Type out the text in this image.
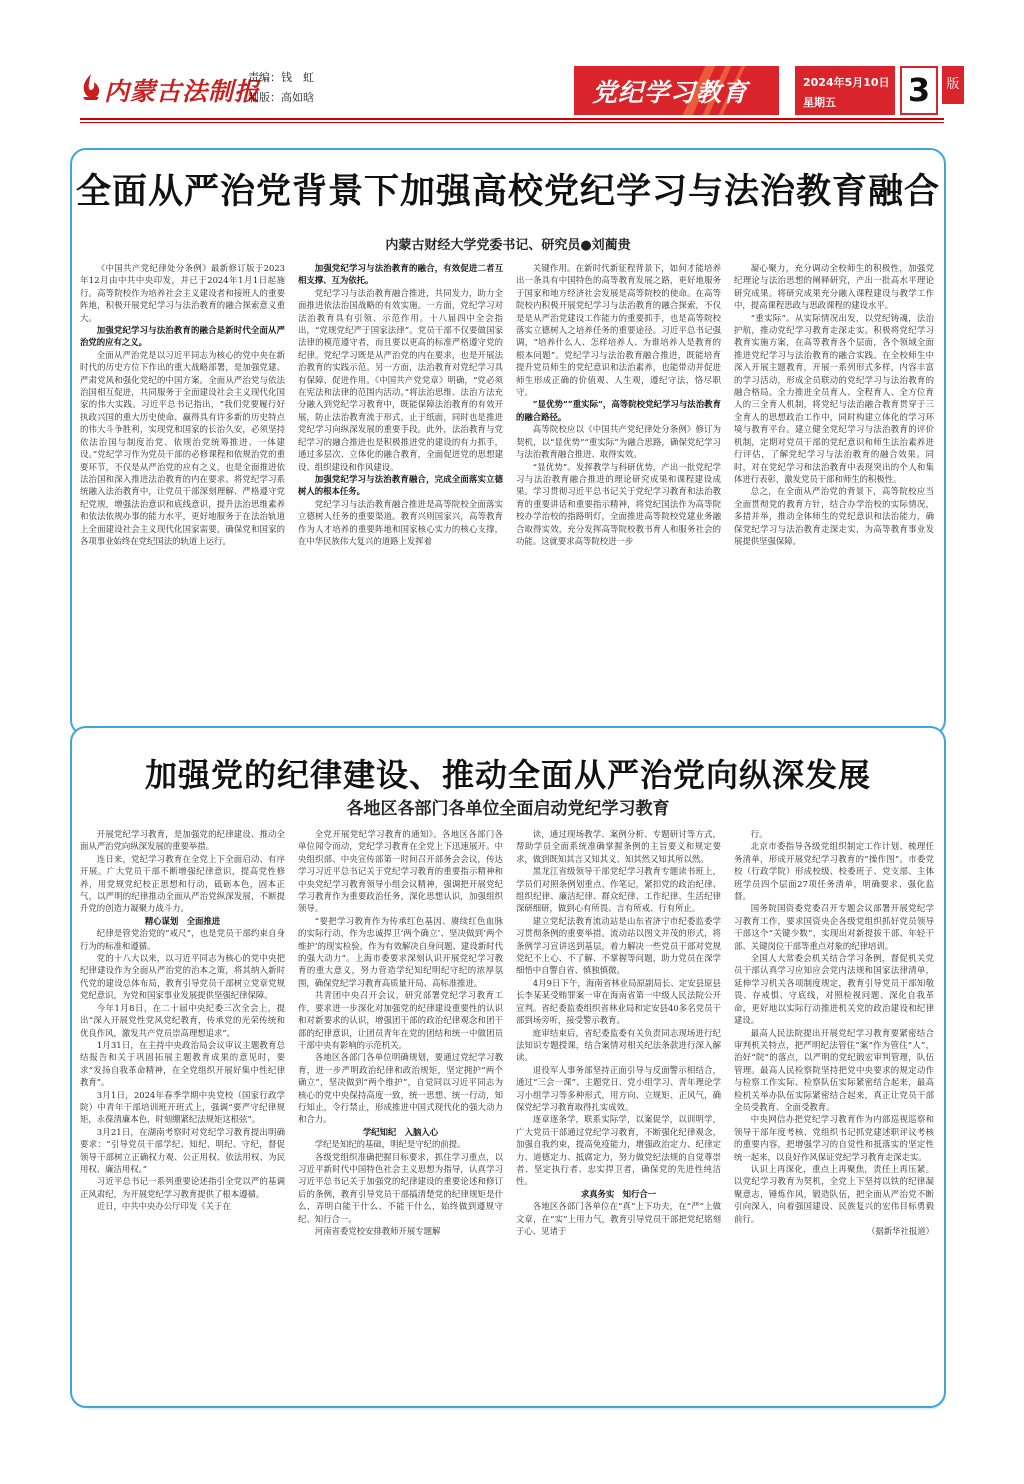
内蒙古法制报
责编：钱　虹
制版：高如晗	党纪学习教育	2024年5月10日
星期五 3	版
全面从严治党背景下加强高校党纪学习与法治教育融合
内蒙古财经大学党委书记、研究员●刘蔺贵

《中国共产党纪律处分条例》最新修订版于2023年12月由中共中央印发，并已于2024年1月1日起施行。高等院校作为培养社会主义建设者和接班人的重要阵地，积极开展党纪学习与法治教育的融合探索意义重大。

加强党纪学习与法治教育的融合是新时代全面从严治党的应有之义。

全面从严治党是以习近平同志为核心的党中央在新时代的历史方位下作出的重大战略部署，是加强党建、严肃党风和强化党纪的中国方案。全面从严治党与依法治国相互促进，共同服务于全面建设社会主义现代化国家的伟大实践。习近平总书记指出，“我们党要履行好执政兴国的重大历史使命、赢得具有许多新的历史特点的伟大斗争胜利，实现党和国家的长治久安，必须坚持依法治国与制度治党、依规治党统筹推进、一体建设。”党纪学习作为党员干部的必修课程和依规治党的重要环节，不仅是从严治党的应有之义，也是全面推进依法治国和深入推进法治教育的内在要求。将党纪学习系统融入法治教育中，让党员干部深刻理解、严格遵守党纪党规，增强法治意识和底线意识，提升法治思维素养和依法依规办事的能力水平，更好地服务于在法治轨道上全面建设社会主义现代化国家需要，确保党和国家的各项事业始终在党纪国法的轨道上运行。

加强党纪学习与法治教育的融合，有效促进二者互相支撑、互为依托。

党纪学习与法治教育融合推进，共同发力，助力全面推进依法治国战略的有效实施。一方面，党纪学习对法治教育具有引领、示范作用。十八届四中全会指出，“党规党纪严于国家法律”。党员干部不仅要做国家法律的模范遵守者，而且要以更高的标准严格遵守党的纪律。党纪学习既是从严治党的内在要求，也是开展法治教育的实践示范。另一方面，法治教育对党纪学习具有保障、促进作用。《中国共产党党章》明确，“党必须在宪法和法律的范围内活动。”将法治思维、法治方法充分融入到党纪学习教育中，既能保障法治教育的有效开展，防止法治教育流于形式，止于纸面，同时也是推进党纪学习向纵深发展的重要手段。此外，法治教育与党纪学习的融合推进也是积极推进党的建设的有力抓手，通过多层次、立体化的融合教育，全面促进党的思想建设、组织建设和作风建设。

加强党纪学习与法治教育融合，完成全面落实立德树人的根本任务。

党纪学习与法治教育融合推进是高等院校全面落实立德树人任务的重要渠道。教育兴则国家兴，高等教育作为人才培养的重要阵地和国家核心实力的核心支撑，在中华民族伟大复兴的道路上发挥着

关键作用。在新时代新征程背景下，如何才能培养出一条具有中国特色的高等教育发展之路，更好地服务于国家和地方经济社会发展是高等院校的使命。在高等院校内积极开展党纪学习与法治教育的融合探索，不仅是是从严治党建设工作能力的重要抓手，也是高等院校落实立德树人之培养任务的重要途径。习近平总书记强调，“培养什么人、怎样培养人、为谁培养人是教育的根本问题”。党纪学习与法治教育融合推进，既能培育提升党员师生的党纪意识和法治素养，也能带动并促进师生形成正确的价值观、人生观，遵纪守法，恪尽职守。

“显优势”“重实际”，高等院校党纪学习与法治教育的融合路径。

高等院校应以《中国共产党纪律处分条例》修订为契机，以“显优势”“重实际”为融合思路，确保党纪学习与法治教育融合推进、取得实效。

“显优势”。发挥教学与科研优势，产出一批党纪学习与法治教育融合推进的理论研究成果和课程建设成果。学习贯彻习近平总书记关于党纪学习教育和法治教育的重要讲话和重要指示精神，将党纪国法作为高等院校办学治校的指路明灯，全面推进高等院校党建业务融合取得实效，充分发挥高等院校教书育人和服务社会的功能。这就要求高等院校进一步

凝心聚力，充分调动全校师生的积极性，加强党纪理论与法治思想的阐释研究，产出一批高水平理论研究成果。将研究成果充分融入课程建设与教学工作中，提高课程思政与思政课程的建设水平。

“重实际”。从实际情况出发，以党纪铸魂，法治护航，推动党纪学习教育走深走实。积极将党纪学习教育实施方案，在高等教育各个层面，各个领域全面推进党纪学习与法治教育的融合实践。在全校师生中深入开展主题教育，开展一系列形式多样，内容丰富的学习活动，形成全员联动的党纪学习与法治教育的融合格局。全力推进全员育人、全程育人、全方位育人的三全育人机制，将党纪与法治融合教育贯穿于三全育人的思想政治工作中，同时构建立体化的学习环境与教育平台。建立健全党纪学习与法治教育的评价机制，定期对党员干部的党纪意识和师生法治素养进行评估，了解党纪学习与法治教育的融合效果。同时，对在党纪学习和法治教育中表现突出的个人和集体进行表彰，激发党员干部和师生的积极性。

总之，在全面从严治党的背景下，高等院校应当全面贯彻党的教育方针，结合办学治校的实际情况，多措并举，推动全体师生的党纪意识和法治能力，确保党纪学习与法治教育走深走实，为高等教育事业发展提供坚强保障。

加强党的纪律建设、推动全面从严治党向纵深发展
各地区各部门各单位全面启动党纪学习教育

开展党纪学习教育，是加强党的纪律建设、推动全面从严治党向纵深发展的重要举措。

连日来，党纪学习教育在全党上下全面启动、有序开展。广大党员干部不断增强纪律意识，提高党性修养，用党规党纪校正思想和行动，砥砺本色，固本正气，以严明的纪律推动全面从严治党纵深发展，不断提升党的创造力凝聚力战斗力。

精心谋划　全面推进

纪律是管党治党的“戒尺”，也是党员干部约束自身行为的标准和遵循。

党的十八大以来，以习近平同志为核心的党中央把纪律建设作为全面从严治党的治本之策，将其纳入新时代党的建设总体布局，教育引导党员干部树立党章党规党纪意识，为党和国家事业发展提供坚强纪律保障。

今年1月8日，在二十届中央纪委三次全会上，提出“深入开展党性党风党纪教育，传承党的光荣传统和优良作风，激发共产党员崇高理想追求”。

1月31日，在主持中央政治局会议审议主题教育总结报告和关于巩固拓展主题教育成果的意见时，要求“发扬自我革命精神，在全党组织开展好集中性纪律教育”。

3月1日，2024年春季学期中央党校（国家行政学院）中青年干部培训班开班式上，强调“要严守纪律规矩，永葆清廉本色，时刻绷紧纪法规矩这根弦”。

3月21日，在湖南考察时对党纪学习教育提出明确要求：“引导党员干部学纪、知纪、明纪、守纪，督促领导干部树立正确权力观、公正用权、依法用权、为民用权、廉洁用权。”

习近平总书记一系列重要论述指引全党以严的基调正风肃纪，为开展党纪学习教育提供了根本遵循。

近日，中共中央办公厅印发《关于在

全党开展党纪学习教育的通知》。各地区各部门各单位闻令而动，党纪学习教育在全党上下迅速展开。中央组织部、中央宣传部第一时间召开部务会会议，传达学习习近平总书记关于党纪学习教育的重要指示精神和中央党纪学习教育领导小组会议精神，强调把开展党纪学习教育作为重要政治任务，深化思想认识，加强组织领导。

“要把学习教育作为传承红色基因、赓续红色血脉的实际行动，作为忠诚捍卫‘两个确立’、坚决做到‘两个维护’的现实检验，作为有效解决自身问题、建设新时代的强大动力”。上海市委要求深刻认识开展党纪学习教育的重大意义，努力营造学纪知纪明纪守纪的浓厚氛围，确保党纪学习教育高质量开局、高标准推进。

共青团中央召开会议，研究部署党纪学习教育工作，要求进一步深化对加强党的纪律建设重要性的认识和对新要求的认识，增强团干部的政治纪律观念和团干部的纪律意识，让团员青年在党的团结和统一中做团员干部中央有影响的示范机关。

各地区各部门各单位明确规划，要通过党纪学习教育，进一步严明政治纪律和政治规矩，坚定拥护“两个确立”，坚决做到“两个维护”，自觉同以习近平同志为核心的党中央保持高度一致，统一思想、统一行动，知行知止，令行禁止，形成推进中国式现代化的强大动力和合力。

学纪知纪　入脑入心

学纪是知纪的基础，明纪是守纪的前提。

各级党组织准确把握目标要求，抓住学习重点，以习近平新时代中国特色社会主义思想为指导，认真学习习近平总书记关于加强党的纪律建设的重要论述和修订后的条例，教育引导党员干部搞清楚党的纪律规矩是什么，弄明白能干什么、不能干什么，始终做到遵规守纪、知行合一。

河南省委党校安排教师开展专题解

读，通过现场教学、案例分析、专题研讨等方式，帮助学员全面系统准确掌握条例的主旨要义和规定要求，做到既知其言又知其义、知其然又知其所以然。

黑龙江省级领导干部党纪学习教育专题读书班上，学员们对照条例划重点、作笔记，紧扣党的政治纪律、组织纪律、廉洁纪律、群众纪律、工作纪律、生活纪律深研细研，做到心有所畏、言有所戒、行有所止。

建立党纪法教育流动站是山东省济宁市纪委监委学习贯彻条例的重要举措。流动站以图文并茂的形式，将条例学习宣讲送到基层，着力解决一些党员干部对党规党纪不上心、不了解、不掌握等问题，助力党员在深学细悟中自警自省、慎独慎微。

4月9日下午，海南省林业局原副局长、定安县原县长李某某受贿罪案一审在海南省第一中级人民法院公开宣判。省纪委监委组织省林业局和定安县40多名党员干部到场旁听，接受警示教育。

庭审结束后，省纪委监委有关负责同志现场进行纪法知识专题授课，结合案情对相关纪法条款进行深入解读。

退役军人事务部坚持正面引导与反面警示相结合，通过“三会一课”、主题党日、党小组学习、青年理论学习小组学习等多种形式，用方向、立规矩、正风气，确保党纪学习教育取得扎实成效。

逐章逐条学，联系实际学，以案促学，以训明学，广大党员干部通过党纪学习教育，不断强化纪律观念，加强自我约束，提高免疫能力，增强政治定力、纪律定力、道德定力、抵腐定力，努力做党纪法规的自觉尊崇者、坚定执行者、忠实捍卫者，确保党的先进性纯洁性。

求真务实　知行合一

各地区各部门各单位在“真”上下功夫，在“严”上做文章，在“实”上用力气，教育引导党员干部把党纪铭刻于心、见诸于

行。

北京市委指导各级党组织制定工作计划、梳理任务清单，形成开展党纪学习教育的“操作图”。市委党校（行政学院）形成校级、校委班子、党支部、主体班学员四个层面27项任务清单，明确要求、强化监督。

国务院国资委党委召开专题会议部署开展党纪学习教育工作，要求国资央企各级党组织抓好党员领导干部这个“关键少数”，实现出对新提拔干部、年轻干部、关键岗位干部等重点对象的纪律培训。

全国人大常委会机关结合学习条例，督促机关党员干部认真学习应知应会党内法规和国家法律清单，延伸学习机关各项制度规定，教育引导党员干部知敬畏、存戒惧、守底线，对照检视问题、深化自我革命，更好地以实际行动推进机关党的政治建设和纪律建设。

最高人民法院提出开展党纪学习教育要紧密结合审判机关特点，把严明纪法管住“案”作为管住“人”，治好“院”的落点，以严明的党纪锻宏审判管理，队伍管理。最高人民检察院坚持把党中央要求的规定动作与检察工作实际、检察队伍实际紧密结合起来，最高检机关举办队伍实际紧密结合起来，真正让党员干部全员受教育、全面受教育。

中央网信办把党纪学习教育作为内部巡视巡察和领导干部年度考核、党组织书记抓党建述职评议考核的重要内容，把增强学习的自觉性和抵落实的坚定性统一起来，以良好作风保证党纪学习教育走深走实。

认识上再深化，重点上再聚焦，责任上再压紧。以党纪学习教育为契机，全党上下坚持以铁的纪律凝聚意志，锤炼作风，锻造队伍，把全面从严治党不断引向深入，向着强国建设、民族复兴的宏伟目标勇毅前行。

（据新华社报道）
